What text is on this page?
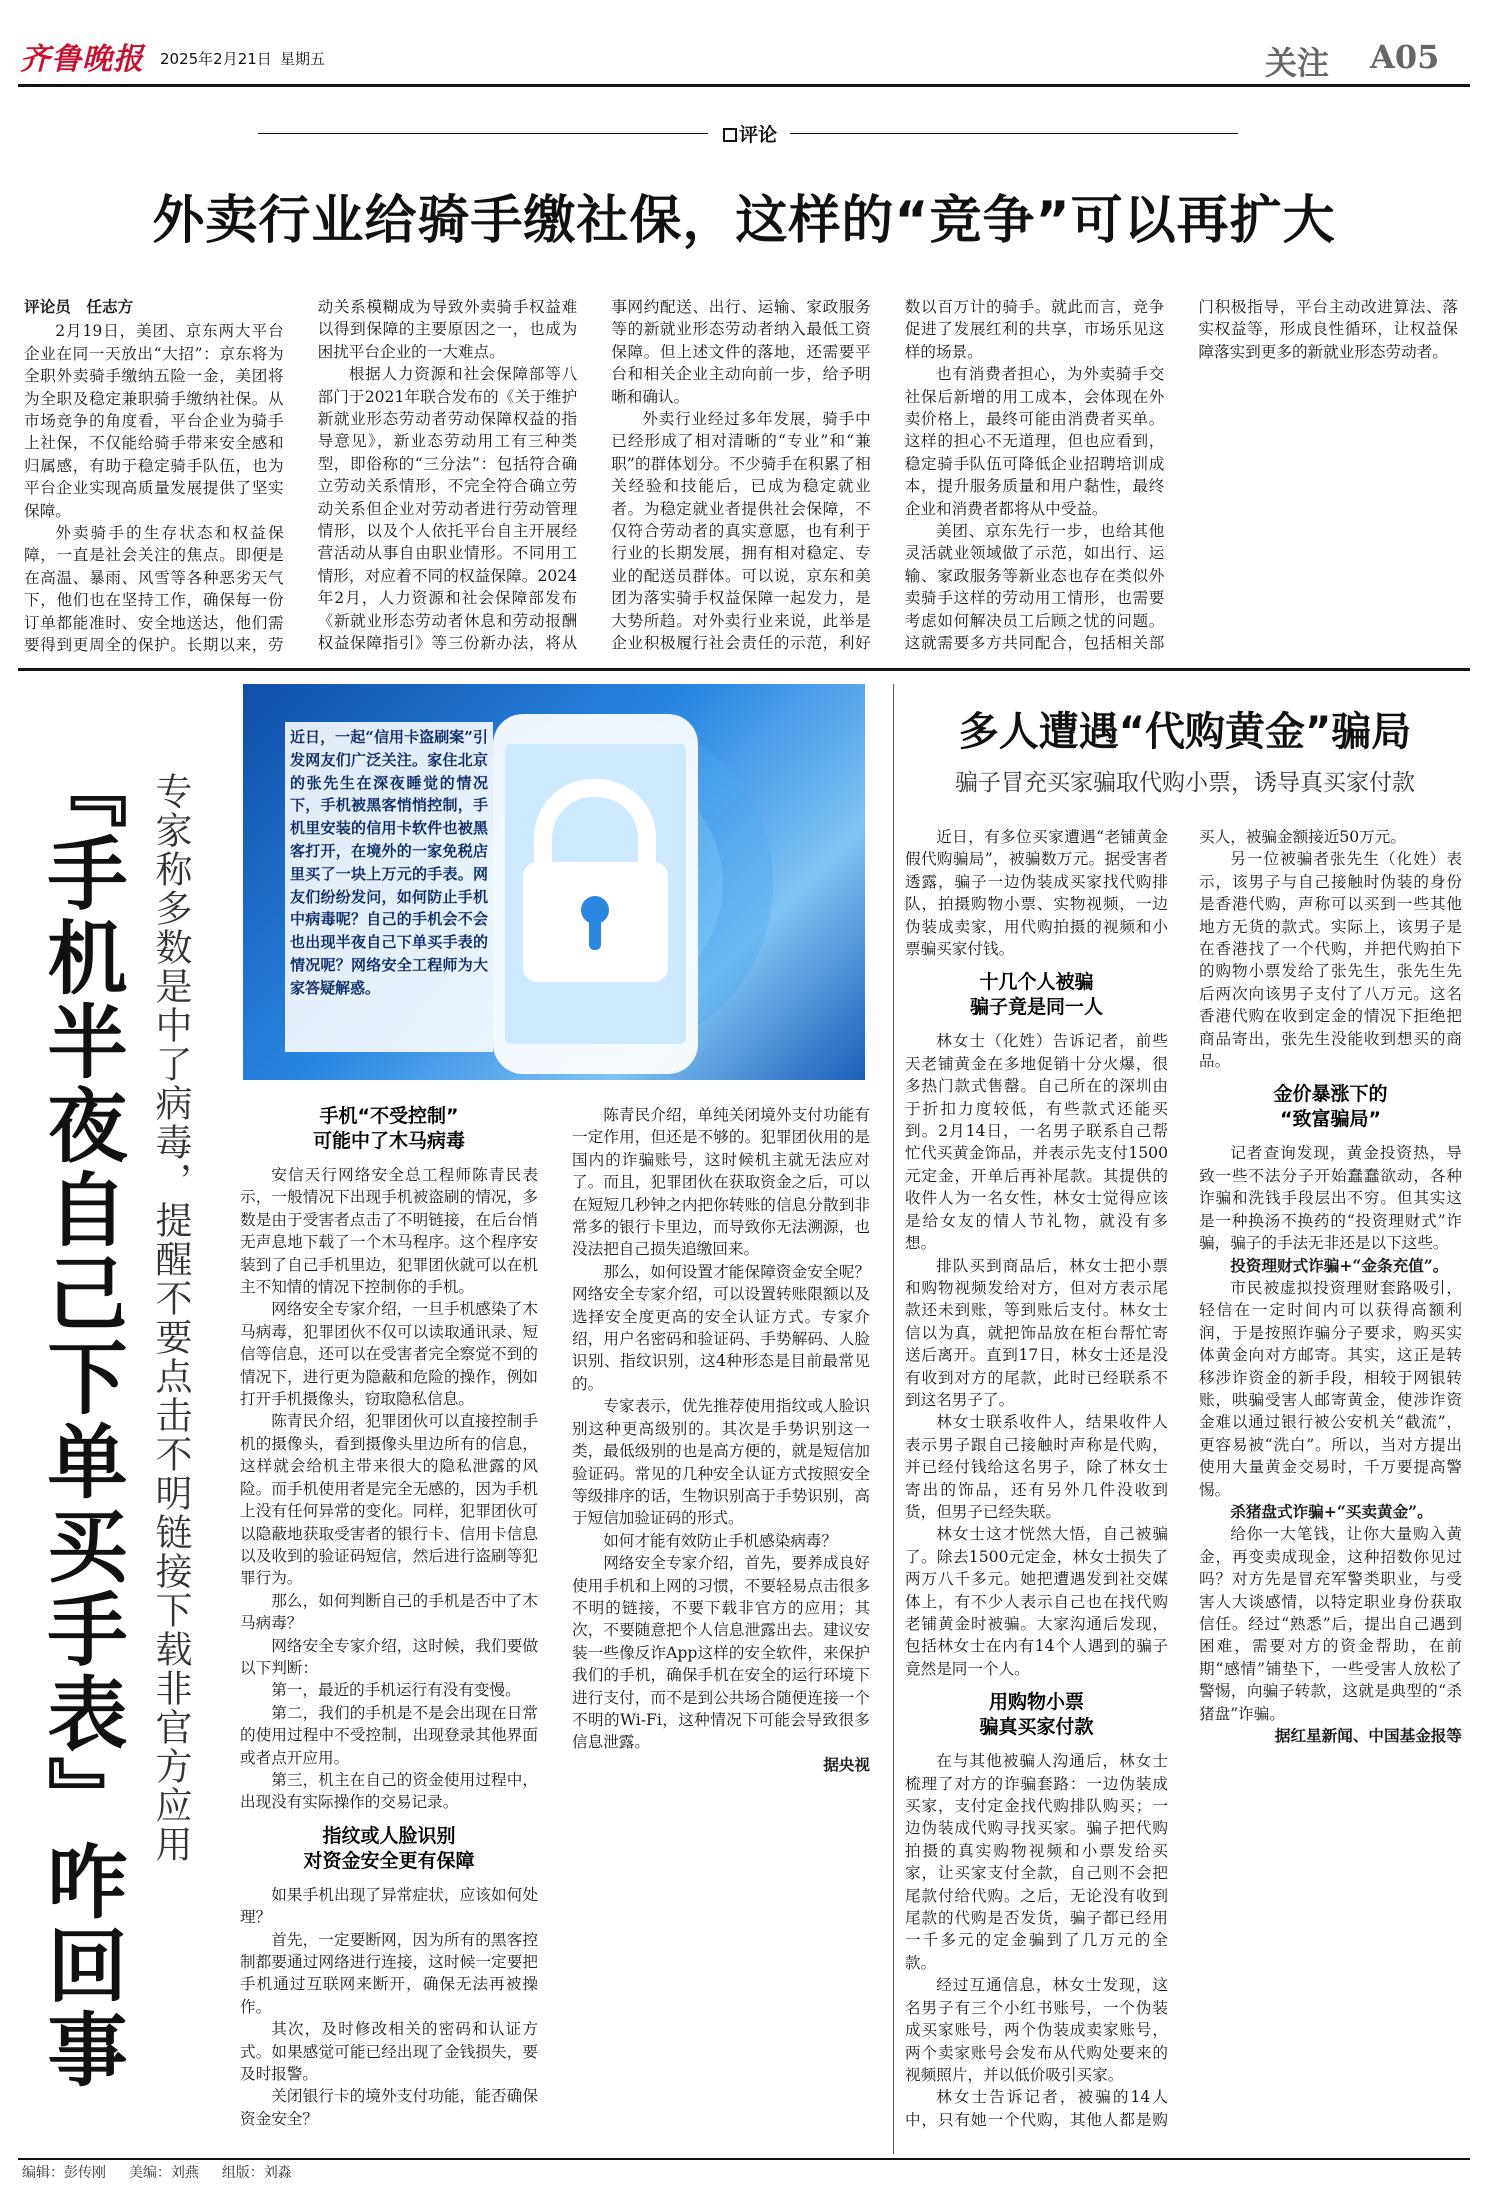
齐鲁晚报 2025年2月21日 星期五	关注 A05
评论
外卖行业给骑手缴社保，这样的“竞争”可以再扩大

评论员　任志方

2月19日，美团、京东两大平台企业在同一天放出“大招”：京东将为全职外卖骑手缴纳五险一金，美团将为全职及稳定兼职骑手缴纳社保。从市场竞争的角度看，平台企业为骑手上社保，不仅能给骑手带来安全感和归属感，有助于稳定骑手队伍，也为平台企业实现高质量发展提供了坚实保障。

外卖骑手的生存状态和权益保障，一直是社会关注的焦点。即便是在高温、暴雨、风雪等各种恶劣天气下，他们也在坚持工作，确保每一份订单都能准时、安全地送达，他们需要得到更周全的保护。长期以来，劳动关系模糊成为导致外卖骑手权益难以得到保障的主要原因之一，也成为困扰平台企业的一大难点。

根据人力资源和社会保障部等八部门于2021年联合发布的《关于维护新就业形态劳动者劳动保障权益的指导意见》，新业态劳动用工有三种类型，即俗称的“三分法”：包括符合确立劳动关系情形，不完全符合确立劳动关系但企业对劳动者进行劳动管理情形，以及个人依托平台自主开展经营活动从事自由职业情形。不同用工情形，对应着不同的权益保障。2024年2月，人力资源和社会保障部发布《新就业形态劳动者休息和劳动报酬权益保障指引》等三份新办法，将从事网约配送、出行、运输、家政服务等的新就业形态劳动者纳入最低工资保障。但上述文件的落地，还需要平台和相关企业主动向前一步，给予明晰和确认。

外卖行业经过多年发展，骑手中已经形成了相对清晰的“专业”和“兼职”的群体划分。不少骑手在积累了相关经验和技能后，已成为稳定就业者。为稳定就业者提供社会保障，不仅符合劳动者的真实意愿，也有利于行业的长期发展，拥有相对稳定、专业的配送员群体。可以说，京东和美团为落实骑手权益保障一起发力，是大势所趋。对外卖行业来说，此举是企业积极履行社会责任的示范，利好数以百万计的骑手。就此而言，竞争促进了发展红利的共享，市场乐见这样的场景。

也有消费者担心，为外卖骑手交社保后新增的用工成本，会体现在外卖价格上，最终可能由消费者买单。这样的担心不无道理，但也应看到，稳定骑手队伍可降低企业招聘培训成本，提升服务质量和用户黏性，最终企业和消费者都将从中受益。

美团、京东先行一步，也给其他灵活就业领域做了示范，如出行、运输、家政服务等新业态也存在类似外卖骑手这样的劳动用工情形，也需要考虑如何解决员工后顾之忧的问题。这就需要多方共同配合，包括相关部门积极指导，平台主动改进算法、落实权益等，形成良性循环，让权益保障落实到更多的新就业形态劳动者。

『手机半夜自己下单买手表』咋回事 专家称多数是中了病毒，提醒不要点击不明链接下载非官方应用
近日，一起“信用卡盗刷案”引发网友们广泛关注。家住北京的张先生在深夜睡觉的情况下，手机被黑客悄悄控制，手机里安装的信用卡软件也被黑客打开，在境外的一家免税店里买了一块上万元的手表。网友们纷纷发问，如何防止手机中病毒呢？自己的手机会不会也出现半夜自己下单买手表的情况呢？网络安全工程师为大家答疑解惑。
手机“不受控制”
可能中了木马病毒

安信天行网络安全总工程师陈青民表示，一般情况下出现手机被盗刷的情况，多数是由于受害者点击了不明链接，在后台悄无声息地下载了一个木马程序。这个程序安装到了自己手机里边，犯罪团伙就可以在机主不知情的情况下控制你的手机。

网络安全专家介绍，一旦手机感染了木马病毒，犯罪团伙不仅可以读取通讯录、短信等信息，还可以在受害者完全察觉不到的情况下，进行更为隐蔽和危险的操作，例如打开手机摄像头，窃取隐私信息。

陈青民介绍，犯罪团伙可以直接控制手机的摄像头，看到摄像头里边所有的信息，这样就会给机主带来很大的隐私泄露的风险。而手机使用者是完全无感的，因为手机上没有任何异常的变化。同样，犯罪团伙可以隐蔽地获取受害者的银行卡、信用卡信息以及收到的验证码短信，然后进行盗刷等犯罪行为。

那么，如何判断自己的手机是否中了木马病毒？

网络安全专家介绍，这时候，我们要做以下判断：

第一，最近的手机运行有没有变慢。

第二，我们的手机是不是会出现在日常的使用过程中不受控制，出现登录其他界面或者点开应用。

第三，机主在自己的资金使用过程中，出现没有实际操作的交易记录。

指纹或人脸识别
对资金安全更有保障

如果手机出现了异常症状，应该如何处理？

首先，一定要断网，因为所有的黑客控制都要通过网络进行连接，这时候一定要把手机通过互联网来断开，确保无法再被操作。

其次，及时修改相关的密码和认证方式。如果感觉可能已经出现了金钱损失，要及时报警。

关闭银行卡的境外支付功能，能否确保资金安全？

陈青民介绍，单纯关闭境外支付功能有一定作用，但还是不够的。犯罪团伙用的是国内的诈骗账号，这时候机主就无法应对了。而且，犯罪团伙在获取资金之后，可以在短短几秒钟之内把你转账的信息分散到非常多的银行卡里边，而导致你无法溯源，也没法把自己损失追缴回来。

那么，如何设置才能保障资金安全呢？网络安全专家介绍，可以设置转账限额以及选择安全度更高的安全认证方式。专家介绍，用户名密码和验证码、手势解码、人脸识别、指纹识别，这4种形态是目前最常见的。

专家表示，优先推荐使用指纹或人脸识别这种更高级别的。其次是手势识别这一类，最低级别的也是高方便的，就是短信加验证码。常见的几种安全认证方式按照安全等级排序的话，生物识别高于手势识别，高于短信加验证码的形式。

如何才能有效防止手机感染病毒？

网络安全专家介绍，首先，要养成良好使用手机和上网的习惯，不要轻易点击很多不明的链接，不要下载非官方的应用；其次，不要随意把个人信息泄露出去。建议安装一些像反诈App这样的安全软件，来保护我们的手机，确保手机在安全的运行环境下进行支付，而不是到公共场合随便连接一个不明的Wi-Fi，这种情况下可能会导致很多信息泄露。

据央视

多人遭遇“代购黄金”骗局
骗子冒充买家骗取代购小票，诱导真买家付款

近日，有多位买家遭遇“老铺黄金假代购骗局”，被骗数万元。据受害者透露，骗子一边伪装成买家找代购排队，拍摄购物小票、实物视频，一边伪装成卖家，用代购拍摄的视频和小票骗买家付钱。

十几个人被骗
骗子竟是同一人

林女士（化姓）告诉记者，前些天老铺黄金在多地促销十分火爆，很多热门款式售罄。自己所在的深圳由于折扣力度较低，有些款式还能买到。2月14日，一名男子联系自己帮忙代买黄金饰品，并表示先支付1500元定金，开单后再补尾款。其提供的收件人为一名女性，林女士觉得应该是给女友的情人节礼物，就没有多想。

排队买到商品后，林女士把小票和购物视频发给对方，但对方表示尾款还未到账，等到账后支付。林女士信以为真，就把饰品放在柜台帮忙寄送后离开。直到17日，林女士还是没有收到对方的尾款，此时已经联系不到这名男子了。

林女士联系收件人，结果收件人表示男子跟自己接触时声称是代购，并已经付钱给这名男子，除了林女士寄出的饰品，还有另外几件没收到货，但男子已经失联。

林女士这才恍然大悟，自己被骗了。除去1500元定金，林女士损失了两万八千多元。她把遭遇发到社交媒体上，有不少人表示自己也在找代购老铺黄金时被骗。大家沟通后发现，包括林女士在内有14个人遇到的骗子竟然是同一个人。

用购物小票
骗真买家付款

在与其他被骗人沟通后，林女士梳理了对方的诈骗套路：一边伪装成买家，支付定金找代购排队购买；一边伪装成代购寻找买家。骗子把代购拍摄的真实购物视频和小票发给买家，让买家支付全款，自己则不会把尾款付给代购。之后，无论没有收到尾款的代购是否发货，骗子都已经用一千多元的定金骗到了几万元的全款。

经过互通信息，林女士发现，这名男子有三个小红书账号，一个伪装成买家账号，两个伪装成卖家账号，两个卖家账号会发布从代购处要来的视频照片，并以低价吸引买家。

林女士告诉记者，被骗的14人中，只有她一个代购，其他人都是购买人，被骗金额接近50万元。

另一位被骗者张先生（化姓）表示，该男子与自己接触时伪装的身份是香港代购，声称可以买到一些其他地方无货的款式。实际上，该男子是在香港找了一个代购，并把代购拍下的购物小票发给了张先生，张先生先后两次向该男子支付了八万元。这名香港代购在收到定金的情况下拒绝把商品寄出，张先生没能收到想买的商品。

金价暴涨下的
“致富骗局”

记者查询发现，黄金投资热，导致一些不法分子开始蠢蠢欲动，各种诈骗和洗钱手段层出不穷。但其实这是一种换汤不换药的“投资理财式”诈骗，骗子的手法无非还是以下这些。

投资理财式诈骗+“金条充值”。

市民被虚拟投资理财套路吸引，轻信在一定时间内可以获得高额利润，于是按照诈骗分子要求，购买实体黄金向对方邮寄。其实，这正是转移涉诈资金的新手段，相较于网银转账，哄骗受害人邮寄黄金，使涉诈资金难以通过银行被公安机关“截流”，更容易被“洗白”。所以，当对方提出使用大量黄金交易时，千万要提高警惕。

杀猪盘式诈骗+“买卖黄金”。

给你一大笔钱，让你大量购入黄金，再变卖成现金，这种招数你见过吗？对方先是冒充军警类职业，与受害人大谈感情，以特定职业身份获取信任。经过“熟悉”后，提出自己遇到困难，需要对方的资金帮助，在前期“感情”铺垫下，一些受害人放松了警惕，向骗子转款，这就是典型的“杀猪盘”诈骗。

据红星新闻、中国基金报等

编辑：彭传刚 美编：刘燕 组版：刘淼
